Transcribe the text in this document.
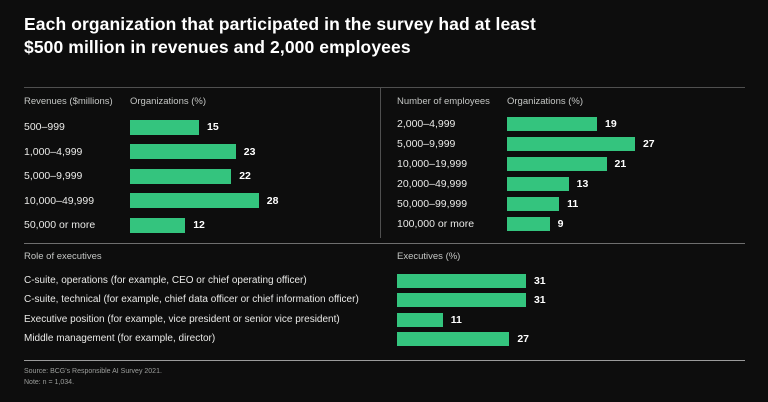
Each organization that participated in the survey had at least
$500 million in revenues and 2,000 employees
Revenues ($millions)	Organizations (%)
500–999	15
1,000–4,999	23
5,000–9,999	22
10,000–49,999	28
50,000 or more	12
Number of employees	Organizations (%)
2,000–4,999	19
5,000–9,999	27
10,000–19,999	21
20,000–49,999	13
50,000–99,999	11
100,000 or more	9
Role of executives	Executives (%)
C-suite, operations (for example, CEO or chief operating officer)	31
C-suite, technical (for example, chief data officer or chief information officer)	31
Executive position (for example, vice president or senior vice president)	11
Middle management (for example, director)	27
Source: BCG's Responsible AI Survey 2021.
Note: n = 1,034.
